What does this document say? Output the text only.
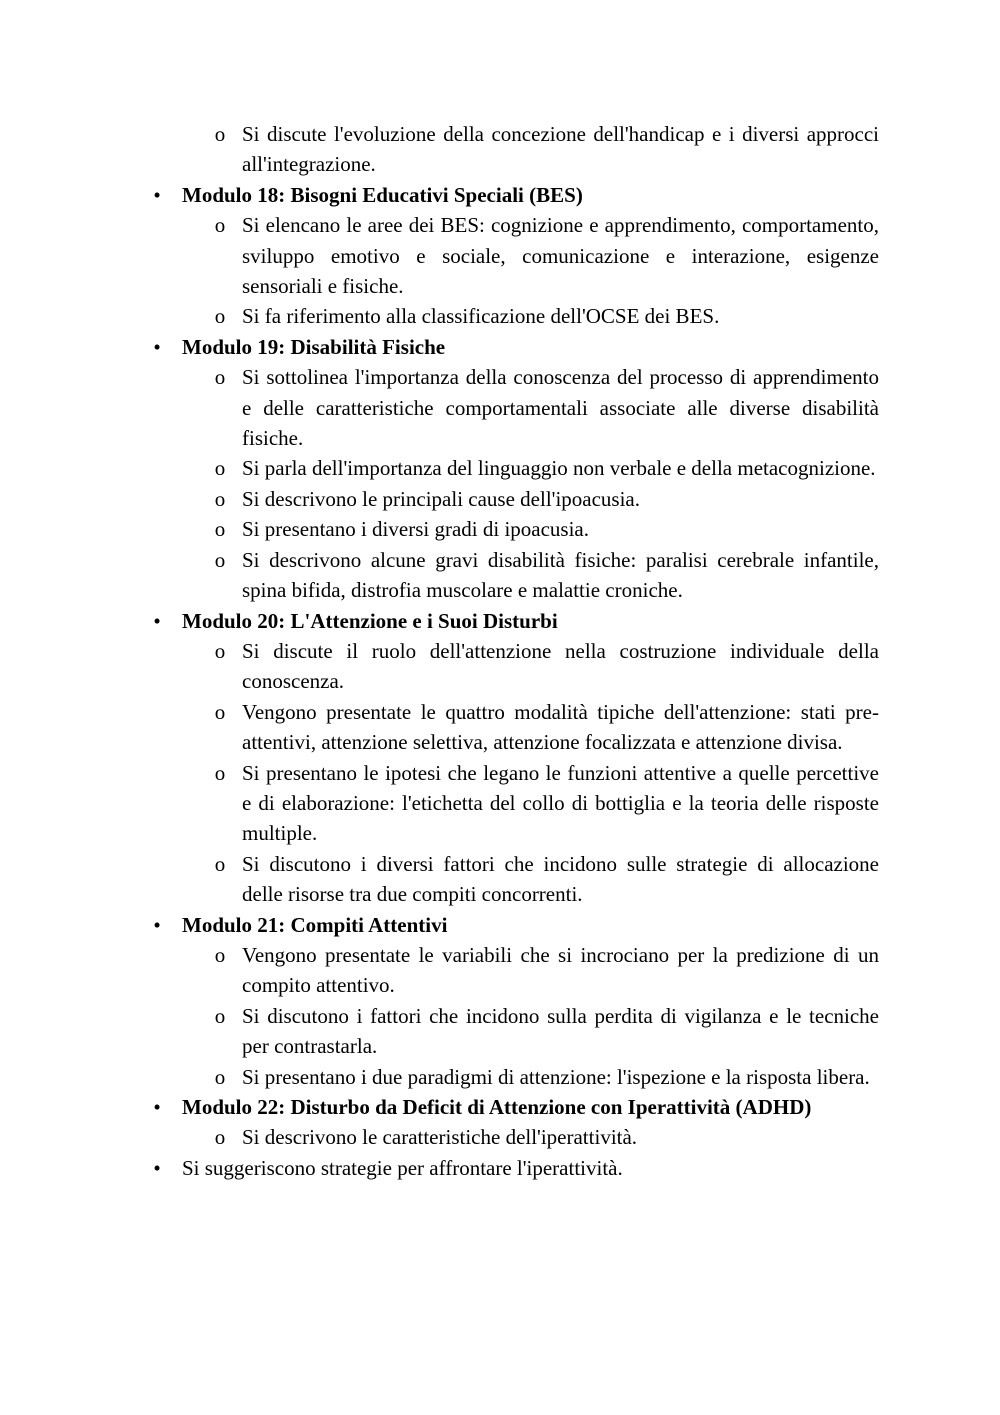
o Si discute l'evoluzione della concezione dell'handicap e i diversi approcci all'integrazione.
• Modulo 18: Bisogni Educativi Speciali (BES)
o Si elencano le aree dei BES: cognizione e apprendimento, comportamento, sviluppo emotivo e sociale, comunicazione e interazione, esigenze sensoriali e fisiche.
o Si fa riferimento alla classificazione dell'OCSE dei BES.
• Modulo 19: Disabilità Fisiche
o Si sottolinea l'importanza della conoscenza del processo di apprendimento e delle caratteristiche comportamentali associate alle diverse disabilità fisiche.
o Si parla dell'importanza del linguaggio non verbale e della metacognizione.
o Si descrivono le principali cause dell'ipoacusia.
o Si presentano i diversi gradi di ipoacusia.
o Si descrivono alcune gravi disabilità fisiche: paralisi cerebrale infantile, spina bifida, distrofia muscolare e malattie croniche.
• Modulo 20: L'Attenzione e i Suoi Disturbi
o Si discute il ruolo dell'attenzione nella costruzione individuale della conoscenza.
o Vengono presentate le quattro modalità tipiche dell'attenzione: stati pre-attentivi, attenzione selettiva, attenzione focalizzata e attenzione divisa.
o Si presentano le ipotesi che legano le funzioni attentive a quelle percettive e di elaborazione: l'etichetta del collo di bottiglia e la teoria delle risposte multiple.
o Si discutono i diversi fattori che incidono sulle strategie di allocazione delle risorse tra due compiti concorrenti.
• Modulo 21: Compiti Attentivi
o Vengono presentate le variabili che si incrociano per la predizione di un compito attentivo.
o Si discutono i fattori che incidono sulla perdita di vigilanza e le tecniche per contrastarla.
o Si presentano i due paradigmi di attenzione: l'ispezione e la risposta libera.
• Modulo 22: Disturbo da Deficit di Attenzione con Iperattività (ADHD)
o Si descrivono le caratteristiche dell'iperattività.
• Si suggeriscono strategie per affrontare l'iperattività.
